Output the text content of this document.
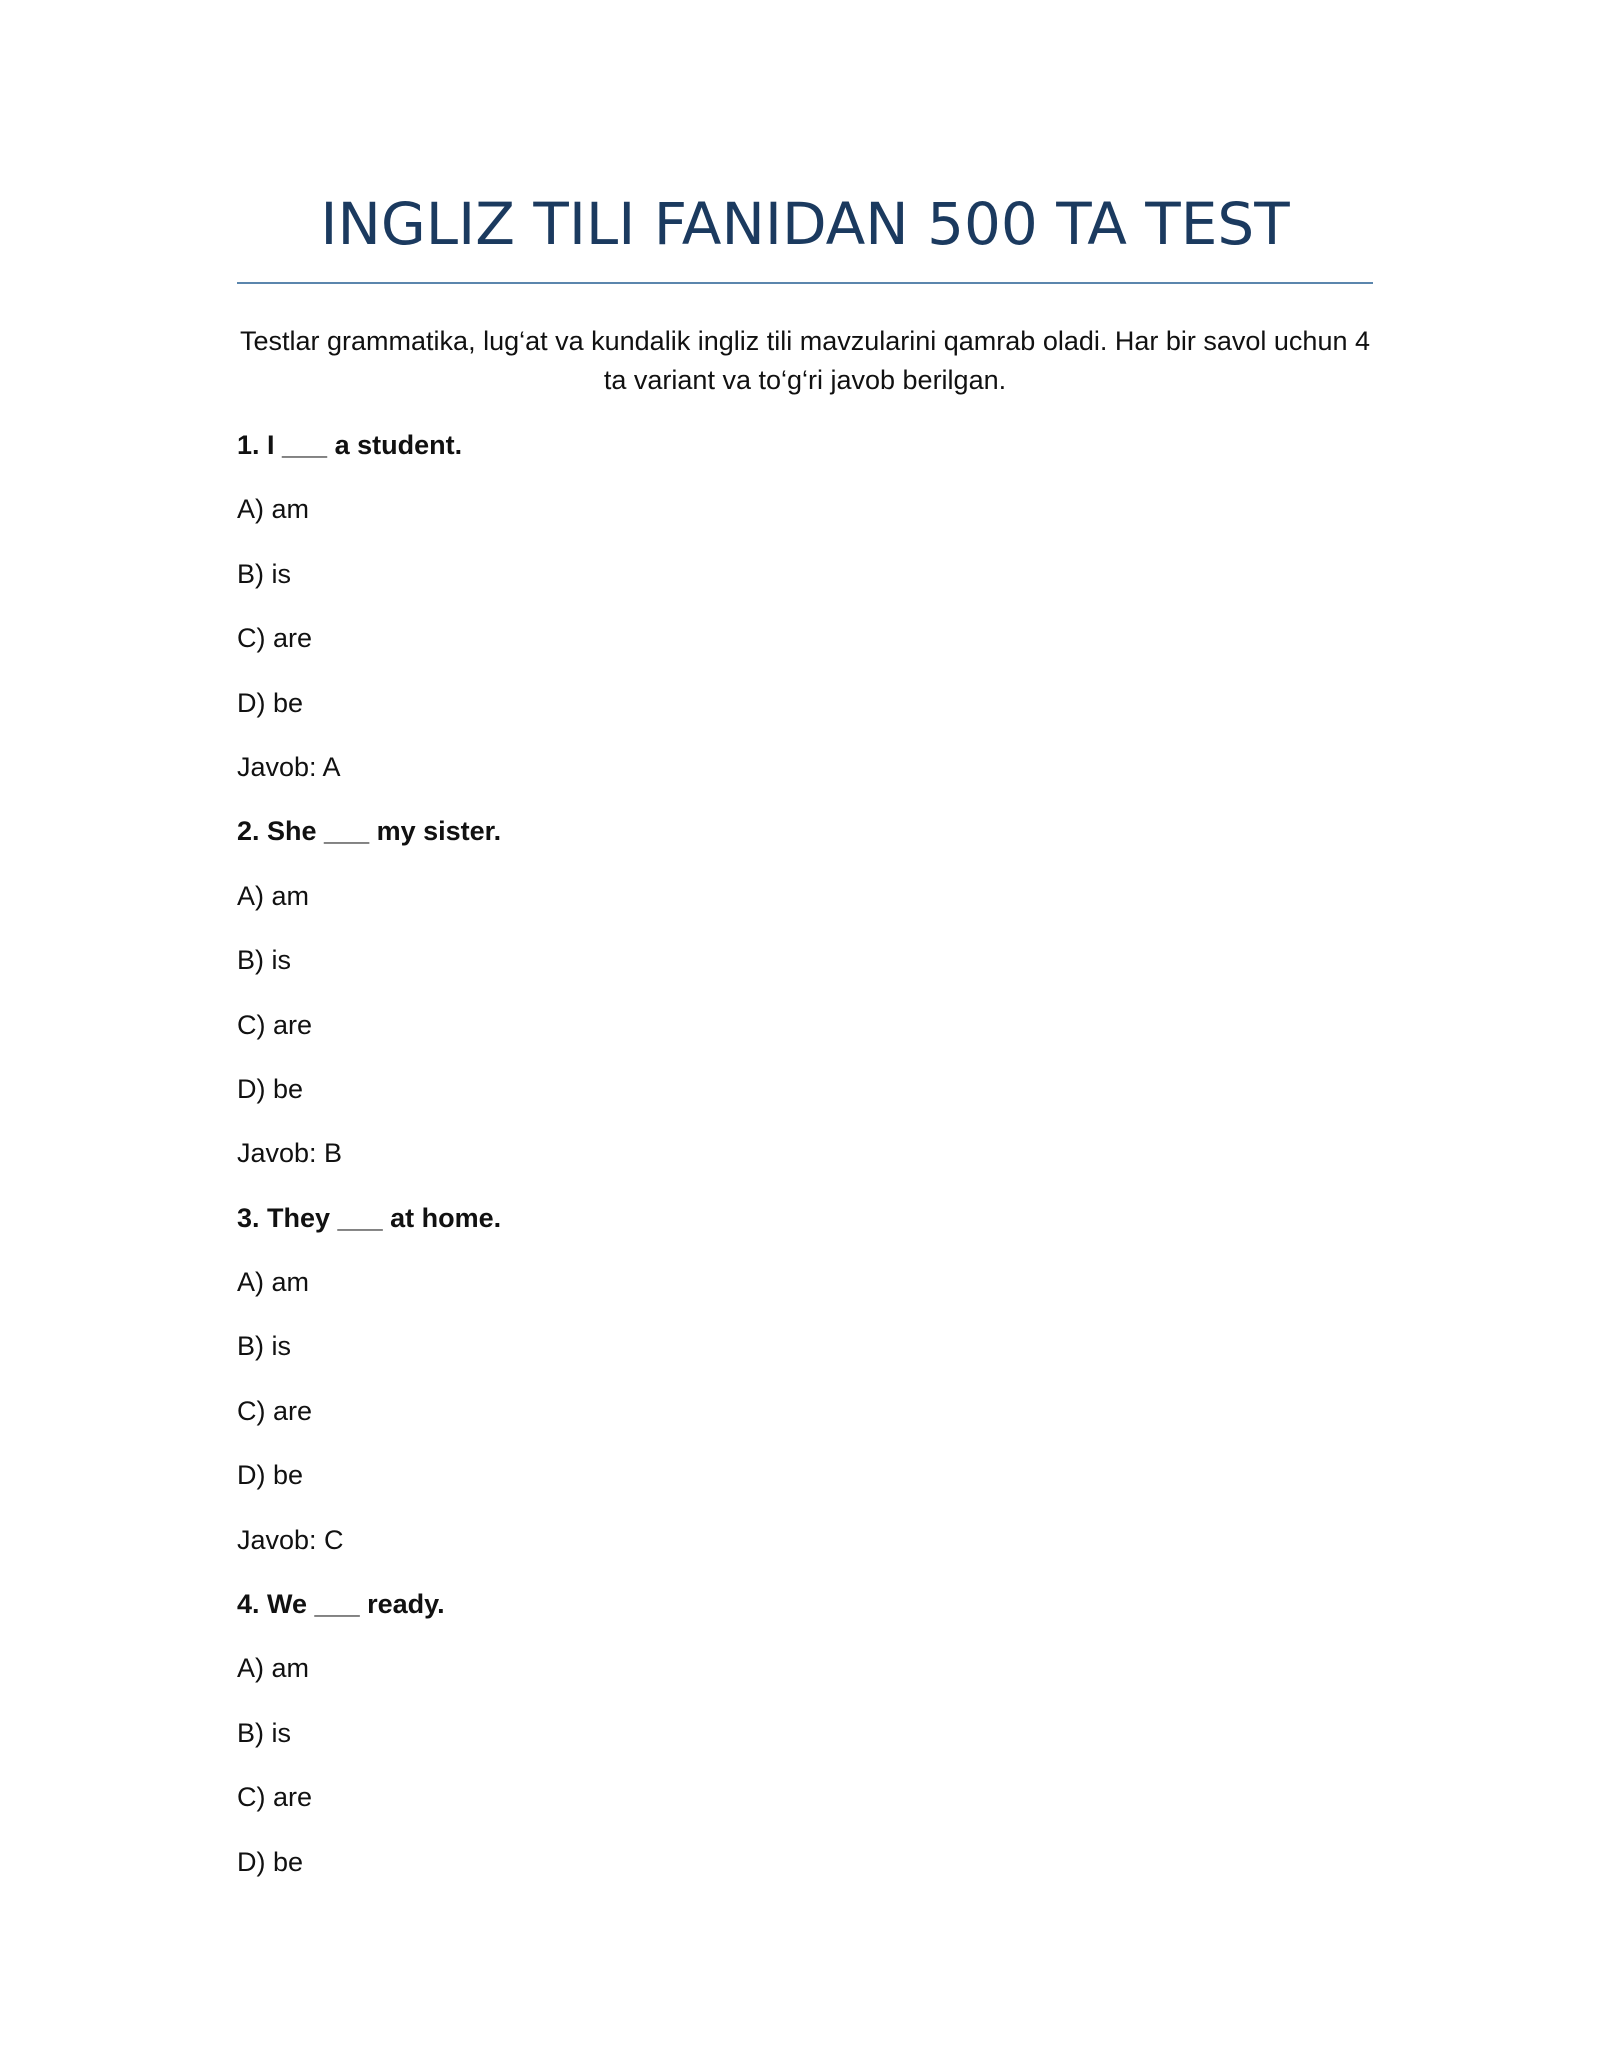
INGLIZ TILI FANIDAN 500 TA TEST

Testlar grammatika, lug‘at va kundalik ingliz tili mavzularini qamrab oladi. Har bir savol uchun 4 ta variant va to‘g‘ri javob berilgan.

1. I ___ a student.
A) am
B) is
C) are
D) be
Javob: A
2. She ___ my sister.
A) am
B) is
C) are
D) be
Javob: B
3. They ___ at home.
A) am
B) is
C) are
D) be
Javob: C
4. We ___ ready.
A) am
B) is
C) are
D) be
